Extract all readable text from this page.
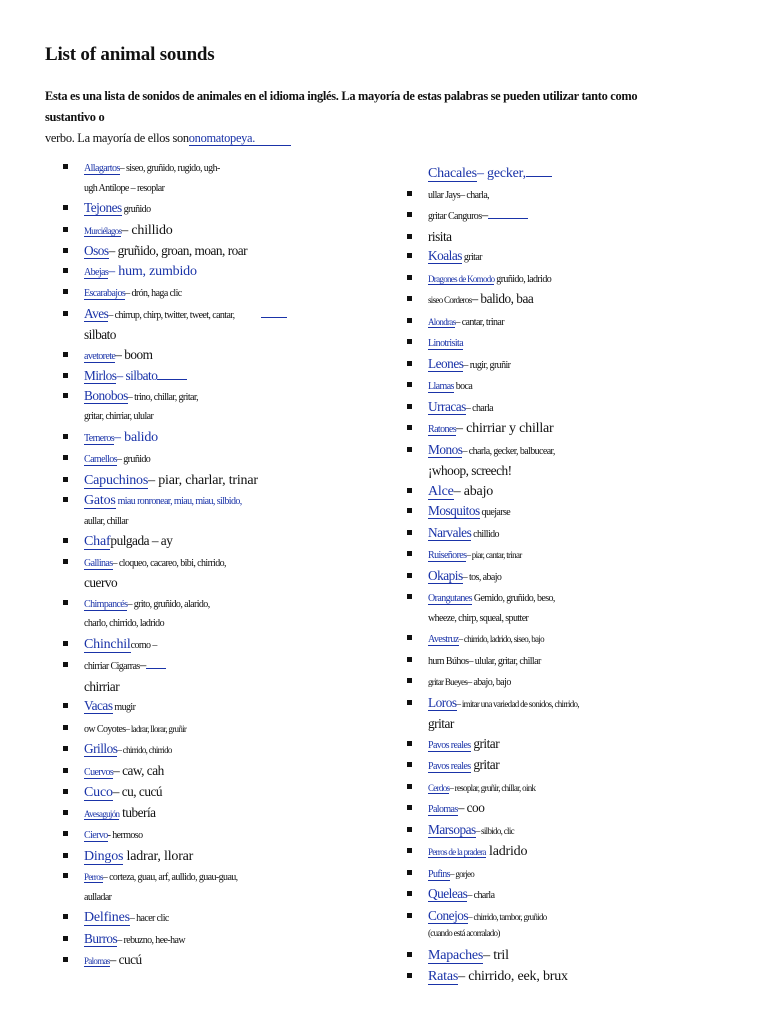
List of animal sounds

Esta es una lista de sonidos de animales en el idioma inglés. La mayoría de estas palabras se pueden utilizar tanto como sustantivo o
verbo. La mayoría de ellos sononomatopeya.

Allagartos– siseo, gruñido, rugido, ugh-
ugh Antílope – resoplar
Tejones gruñido
Murciélagos– chillido
Osos– gruñido, groan, moan, roar
Abejas– hum, zumbido
Escarabajos– drón, haga clic
Aves– chirrup, chirp, twitter, tweet, cantar,
silbato
avetorete– boom
Mirlos– silbato
Bonobos– trino, chillar, gritar,
gritar, chirriar, ulular
Terneros– balido
Camellos– gruñido
Capuchinos– piar, charlar, trinar
Gatos miau ronronear, miau, miau, silbido,
aullar, chillar
Chafpulgada – ay
Gallinas– cloqueo, cacareo, bibi, chirrido,
cuervo
Chimpancés– grito, gruñido, alarido,
charlo, chirrido, ladrido
Chinchilcomo –
chirriar Cigarras–
chirriar
Vacas mugir
ow Coyotes– ladrar, llorar, gruñir
Grillos– chirrido, chirrido
Cuervos– caw, cah
Cuco– cu, cucú
Avesagujón tubería
Ciervo- hermoso
Dingos ladrar, llorar
Perros– corteza, guau, arf, aullido, guau-guau,
aulladar
Delfines– hacer clic
Burros– rebuzno, hee-haw
Palomas– cucú
Chacales– gecker,
ullar Jays– charla,
gritar Canguros–
risita
Koalas gritar
Dragones de Komodo gruñido, ladrido
siseo Corderos– balido, baa
Alondras– cantar, trinar
Linotrisita
Leones– rugir, gruñir
Llamas boca
Urracas– charla
Ratones– chirriar y chillar
Monos– charla, gecker, balbucear,
¡whoop, screech!
Alce– abajo
Mosquitos quejarse
Narvales chillido
Ruiseñores– piar, cantar, trinar
Okapis– tos, abajo
Orangutanes Gemido, gruñido, beso,
wheeze, chirp, squeal, sputter
Avestruz– chirrido, ladrido, siseo, bajo
hum Búhos– ulular, gritar, chillar
gritar Bueyes– abajo, bajo
Loros– imitar una variedad de sonidos, chirrido,
gritar
Pavos reales gritar
Pavos reales gritar
Cerdos– resoplar, gruñir, chillar, oink
Palomas– coo
Marsopas– silbido, clic
Perros de la pradera ladrido
Pufins– gorjeo
Queleas– charla
Conejos– chirrido, tambor, gruñido
(cuando está acorralado)
Mapaches– tril
Ratas– chirrido, eek, brux
